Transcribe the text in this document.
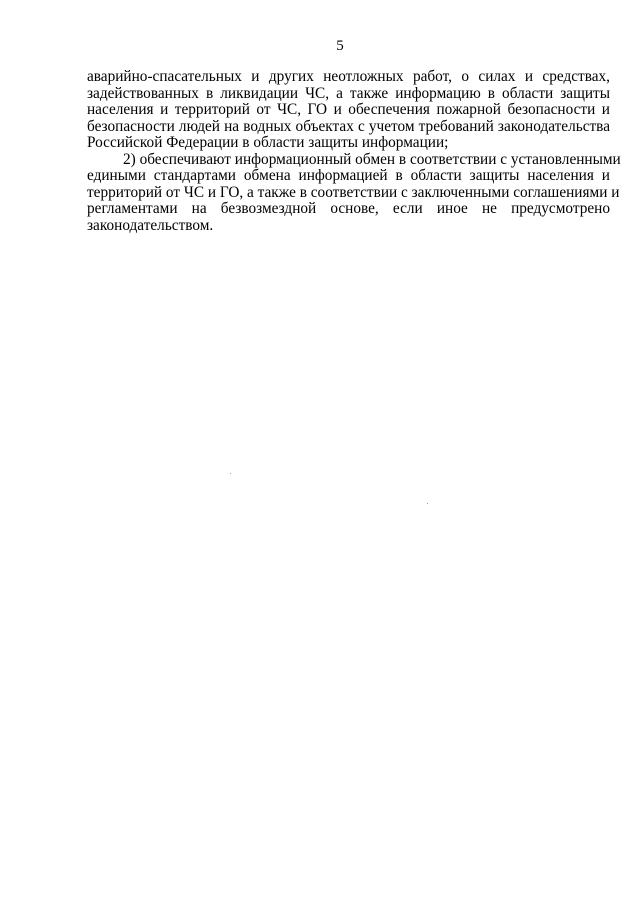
5

аварийно-спасательных и других неотложных работ, о силах и средствах,
задействованных в ликвидации ЧС, а также информацию в области защиты
населения и территорий от ЧС, ГО и обеспечения пожарной безопасности и
безопасности людей на водных объектах с учетом требований законодательства
Российской Федерации в области защиты информации;

2) обеспечивают информационный обмен в соответствии с установленными
едиными стандартами обмена информацией в области защиты населения и
территорий от ЧС и ГО, а также в соответствии с заключенными соглашениями и
регламентами на безвозмездной основе, если иное не предусмотрено
законодательством.
